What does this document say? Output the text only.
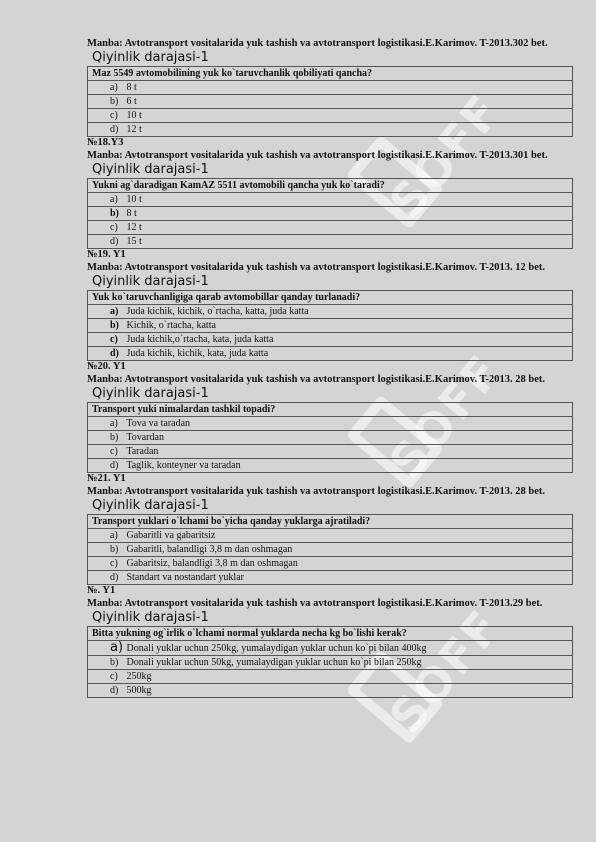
SOFF
SOFF
SOFF
Manba: Avtotransport vositalarida yuk tashish va avtotransport logistikasi.E.Karimov. T-2013.302 bet.
Qiyinlik darajasi-1
Maz 5549 avtomobilining yuk ko`taruvchanlik qobiliyati qancha?
a) 8 t
b) 6 t
c) 10 t
d) 12 t
№18.Y3
Manba: Avtotransport vositalarida yuk tashish va avtotransport logistikasi.E.Karimov. T-2013.301 bet.
Qiyinlik darajasi-1
Yukni ag`daradigan KamAZ 5511 avtomobili qancha yuk ko`taradi?
a) 10 t
b) 8 t
c) 12 t
d) 15 t
№19. Y1
Manba: Avtotransport vositalarida yuk tashish va avtotransport logistikasi.E.Karimov. T-2013. 12 bet.
Qiyinlik darajasi-1
Yuk ko`taruvchanligiga qarab avtomobillar qanday turlanadi?
a) Juda kichik, kichik, o`rtacha, katta, juda katta
b) Kichik, o`rtacha, katta
c) Juda kichik,o`rtacha, kata, juda katta
d) Juda kichik, kichik, kata, juda katta
№20. Y1
Manba: Avtotransport vositalarida yuk tashish va avtotransport logistikasi.E.Karimov. T-2013. 28 bet.
Qiyinlik darajasi-1
Transport yuki nimalardan tashkil topadi?
a) Tova va taradan
b) Tovardan
c) Taradan
d) Taglik, konteyner va taradan
№21. Y1
Manba: Avtotransport vositalarida yuk tashish va avtotransport logistikasi.E.Karimov. T-2013. 28 bet.
Qiyinlik darajasi-1
Transport yuklari o`lchami bo`yicha qanday yuklarga ajratiladi?
a) Gabaritli va gabaritsiz
b) Gabaritli, balandligi 3,8 m dan oshmagan
c) Gabaritsiz, balandligi 3,8 m dan oshmagan
d) Standart va nostandart yuklar
№. Y1
Manba: Avtotransport vositalarida yuk tashish va avtotransport logistikasi.E.Karimov. T-2013.29 bet.
Qiyinlik darajasi-1
Bitta yukning og`irlik o`lchami normal yuklarda necha kg bo`lishi kerak?
a) Donali yuklar uchun 250kg, yumalaydigan yuklar uchun ko`pi bilan 400kg
b) Donali yuklar uchun 50kg, yumalaydigan yuklar uchun ko`pi bilan 250kg
c) 250kg
d) 500kg
